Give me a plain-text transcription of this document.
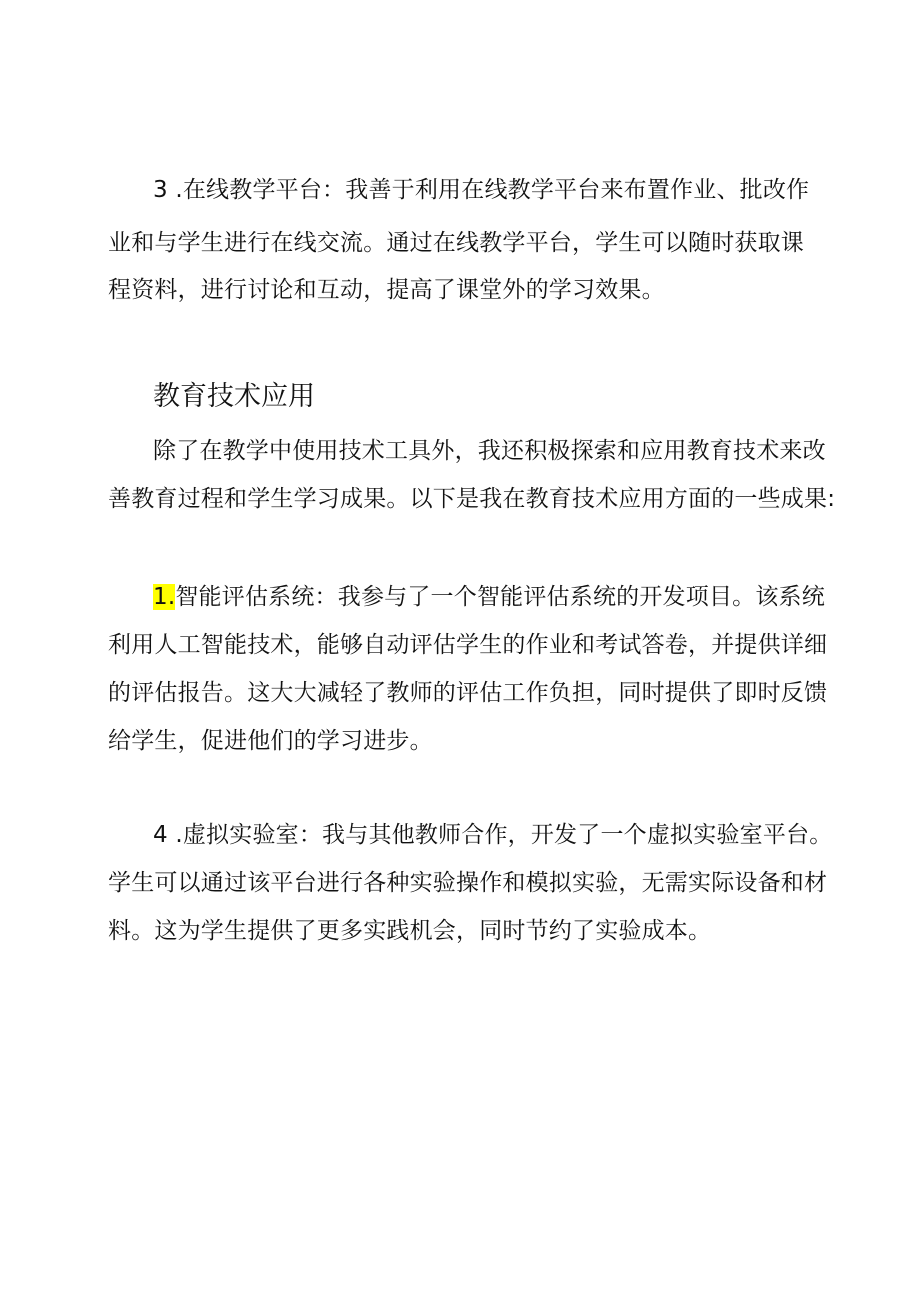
3 .在线教学平台：我善于利用在线教学平台来布置作业、批改作
业和与学生进行在线交流。通过在线教学平台，学生可以随时获取课
程资料，进行讨论和互动，提高了课堂外的学习效果。
教育技术应用
除了在教学中使用技术工具外，我还积极探索和应用教育技术来改
善教育过程和学生学习成果。以下是我在教育技术应用方面的一些成果:
1.智能评估系统：我参与了一个智能评估系统的开发项目。该系统
利用人工智能技术，能够自动评估学生的作业和考试答卷，并提供详细
的评估报告。这大大减轻了教师的评估工作负担，同时提供了即时反馈
给学生，促进他们的学习进步。
4 .虚拟实验室：我与其他教师合作，开发了一个虚拟实验室平台。
学生可以通过该平台进行各种实验操作和模拟实验，无需实际设备和材
料。这为学生提供了更多实践机会，同时节约了实验成本。
